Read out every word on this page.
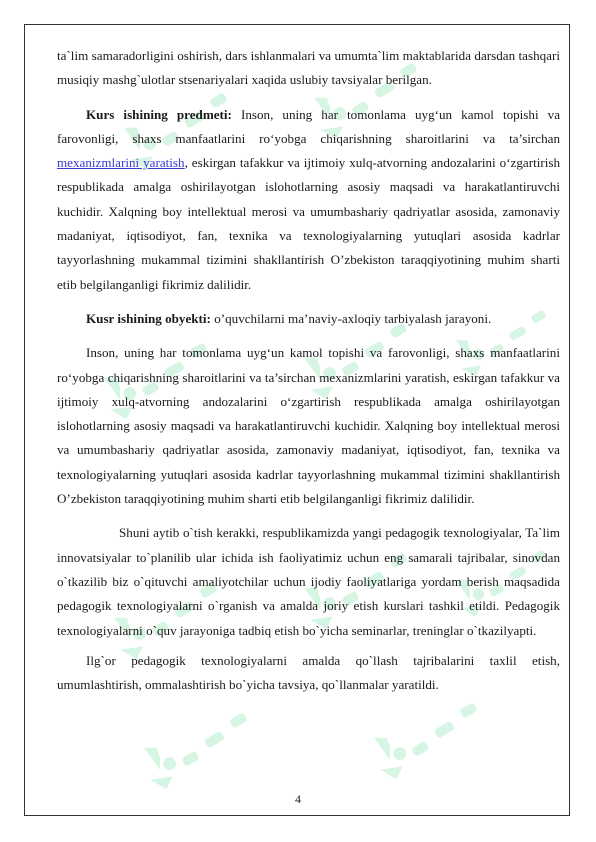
ta`lim samaradorligini oshirish, dars ishlanmalari va umumta`lim maktablarida darsdan tashqari musiqiy mashg`ulotlar stsenariyalari xaqida uslubiy tavsiyalar berilgan.

Kurs ishining predmeti: Inson, uning har tomonlama uyg‘un kamol topishi va farovonligi, shaxs manfaatlarini ro‘yobga chiqarishning sharoitlarini va ta’sirchan mexanizmlarini yaratish, eskirgan tafakkur va ijtimoiy xulq-atvorning andozalarini o‘zgartirish respublikada amalga oshirilayotgan islohotlarning asosiy maqsadi va harakatlantiruvchi kuchidir. Xalqning boy intellektual merosi va umumbashariy qadriyatlar asosida, zamonaviy madaniyat, iqtisodiyot, fan, texnika va texnologiyalarning yutuqlari asosida kadrlar tayyorlashning mukammal tizimini shakllantirish O’zbekiston taraqqiyotining muhim sharti etib belgilanganligi fikrimiz dalilidir.

Kusr ishining obyekti: o’quvchilarni ma’naviy-axloqiy tarbiyalash jarayoni.

Inson, uning har tomonlama uyg‘un kamol topishi va farovonligi, shaxs manfaatlarini ro‘yobga chiqarishning sharoitlarini va ta’sirchan mexanizmlarini yaratish, eskirgan tafakkur va ijtimoiy xulq-atvorning andozalarini o‘zgartirish respublikada amalga oshirilayotgan islohotlarning asosiy maqsadi va harakatlantiruvchi kuchidir. Xalqning boy intellektual merosi va umumbashariy qadriyatlar asosida, zamonaviy madaniyat, iqtisodiyot, fan, texnika va texnologiyalarning yutuqlari asosida kadrlar tayyorlashning mukammal tizimini shakllantirish O’zbekiston taraqqiyotining muhim sharti etib belgilanganligi fikrimiz dalilidir.

Shuni aytib o`tish kerakki, respublikamizda yangi pedagogik texnologiyalar, Ta`lim innovatsiyalar to`planilib ular ichida ish faoliyatimiz uchun eng samarali tajribalar, sinovdan o`tkazilib biz o`qituvchi amaliyotchilar uchun ijodiy faoliyatlariga yordam berish maqsadida pedagogik texnologiyalarni o`rganish va amalda joriy etish kurslari tashkil etildi. Pedagogik texnologiyalarni o`quv jarayoniga tadbiq etish bo`yicha seminarlar, treninglar o`tkazilyapti.

Ilg`or pedagogik texnologiyalarni amalda qo`llash tajribalarini taxlil etish, umumlashtirish, ommalashtirish bo`yicha tavsiya, qo`llanmalar yaratildi.

4
